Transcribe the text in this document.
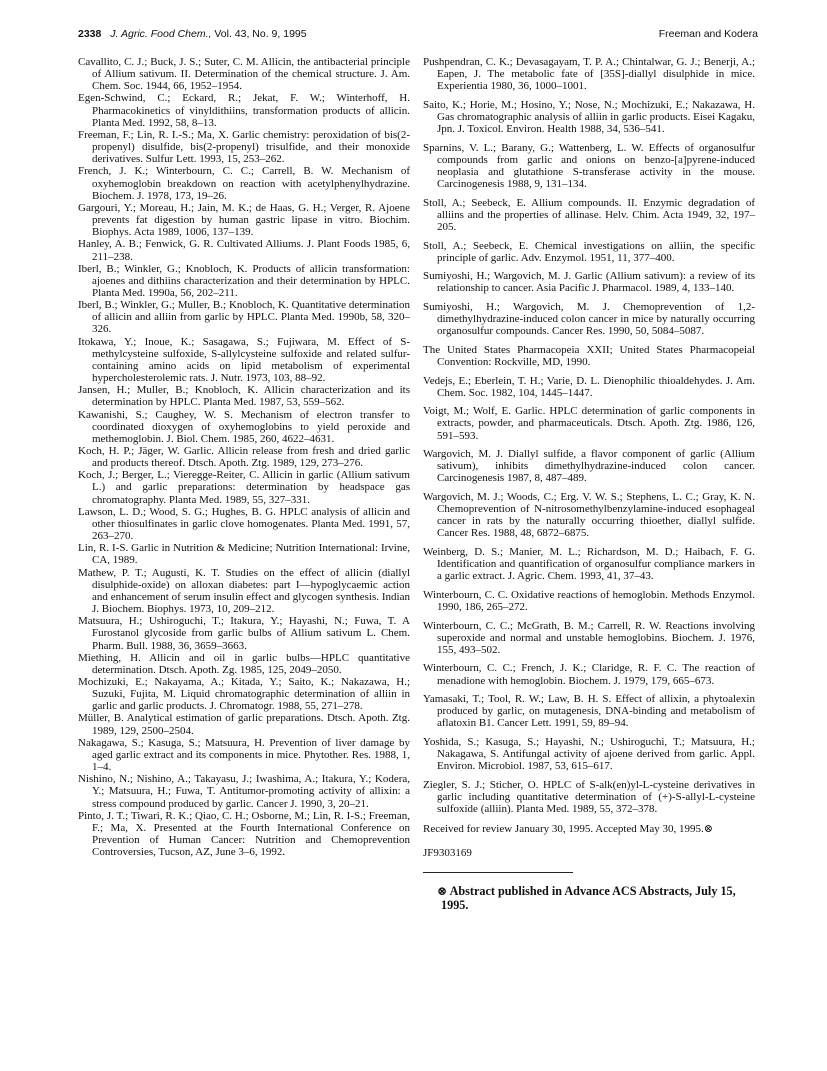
2338 J. Agric. Food Chem., Vol. 43, No. 9, 1995	Freeman and Kodera

Cavallito, C. J.; Buck, J. S.; Suter, C. M. Allicin, the antibacterial principle of Allium sativum. II. Determination of the chemical structure. J. Am. Chem. Soc. 1944, 66, 1952–1954.

Egen-Schwind, C.; Eckard, R.; Jekat, F. W.; Winterhoff, H. Pharmacokinetics of vinyldithiins, transformation products of allicin. Planta Med. 1992, 58, 8–13.

Freeman, F.; Lin, R. I.-S.; Ma, X. Garlic chemistry: peroxidation of bis(2-propenyl) disulfide, bis(2-propenyl) trisulfide, and their monoxide derivatives. Sulfur Lett. 1993, 15, 253–262.

French, J. K.; Winterbourn, C. C.; Carrell, B. W. Mechanism of oxyhemoglobin breakdown on reaction with acetylphenylhydrazine. Biochem. J. 1978, 173, 19–26.

Gargouri, Y.; Moreau, H.; Jain, M. K.; de Haas, G. H.; Verger, R. Ajoene prevents fat digestion by human gastric lipase in vitro. Biochim. Biophys. Acta 1989, 1006, 137–139.

Hanley, A. B.; Fenwick, G. R. Cultivated Alliums. J. Plant Foods 1985, 6, 211–238.

Iberl, B.; Winkler, G.; Knobloch, K. Products of allicin transformation: ajoenes and dithiins characterization and their determination by HPLC. Planta Med. 1990a, 56, 202–211.

Iberl, B.; Winkler, G.; Muller, B.; Knobloch, K. Quantitative determination of allicin and alliin from garlic by HPLC. Planta Med. 1990b, 58, 320–326.

Itokawa, Y.; Inoue, K.; Sasagawa, S.; Fujiwara, M. Effect of S-methylcysteine sulfoxide, S-allylcysteine sulfoxide and related sulfur-containing amino acids on lipid metabolism of experimental hypercholesterolemic rats. J. Nutr. 1973, 103, 88–92.

Jansen, H.; Muller, B.; Knobloch, K. Allicin characterization and its determination by HPLC. Planta Med. 1987, 53, 559–562.

Kawanishi, S.; Caughey, W. S. Mechanism of electron transfer to coordinated dioxygen of oxyhemoglobins to yield peroxide and methemoglobin. J. Biol. Chem. 1985, 260, 4622–4631.

Koch, H. P.; Jäger, W. Garlic. Allicin release from fresh and dried garlic and products thereof. Dtsch. Apoth. Ztg. 1989, 129, 273–276.

Koch, J.; Berger, L.; Vieregge-Reiter, C. Allicin in garlic (Allium sativum L.) and garlic preparations: determination by headspace gas chromatography. Planta Med. 1989, 55, 327–331.

Lawson, L. D.; Wood, S. G.; Hughes, B. G. HPLC analysis of allicin and other thiosulfinates in garlic clove homogenates. Planta Med. 1991, 57, 263–270.

Lin, R. I-S. Garlic in Nutrition & Medicine; Nutrition International: Irvine, CA, 1989.

Mathew, P. T.; Augusti, K. T. Studies on the effect of allicin (diallyl disulphide-oxide) on alloxan diabetes: part I—hypoglycaemic action and enhancement of serum insulin effect and glycogen synthesis. Indian J. Biochem. Biophys. 1973, 10, 209–212.

Matsuura, H.; Ushiroguchi, T.; Itakura, Y.; Hayashi, N.; Fuwa, T. A Furostanol glycoside from garlic bulbs of Allium sativum L. Chem. Pharm. Bull. 1988, 36, 3659–3663.

Miething, H. Allicin and oil in garlic bulbs—HPLC quantitative determination. Dtsch. Apoth. Zg. 1985, 125, 2049–2050.

Mochizuki, E.; Nakayama, A.; Kitada, Y.; Saito, K.; Nakazawa, H.; Suzuki, Fujita, M. Liquid chromatographic determination of alliin in garlic and garlic products. J. Chromatogr. 1988, 55, 271–278.

Müller, B. Analytical estimation of garlic preparations. Dtsch. Apoth. Ztg. 1989, 129, 2500–2504.

Nakagawa, S.; Kasuga, S.; Matsuura, H. Prevention of liver damage by aged garlic extract and its components in mice. Phytother. Res. 1988, 1, 1–4.

Nishino, N.; Nishino, A.; Takayasu, J.; Iwashima, A.; Itakura, Y.; Kodera, Y.; Matsuura, H.; Fuwa, T. Antitumor-promoting activity of allixin: a stress compound produced by garlic. Cancer J. 1990, 3, 20–21.

Pinto, J. T.; Tiwari, R. K.; Qiao, C. H.; Osborne, M.; Lin, R. I-S.; Freeman, F.; Ma, X. Presented at the Fourth International Conference on Prevention of Human Cancer: Nutrition and Chemoprevention Controversies, Tucson, AZ, June 3–6, 1992.

Pushpendran, C. K.; Devasagayam, T. P. A.; Chintalwar, G. J.; Benerji, A.; Eapen, J. The metabolic fate of [35S]-diallyl disulphide in mice. Experientia 1980, 36, 1000–1001.

Saito, K.; Horie, M.; Hosino, Y.; Nose, N.; Mochizuki, E.; Nakazawa, H. Gas chromatographic analysis of alliin in garlic products. Eisei Kagaku, Jpn. J. Toxicol. Environ. Health 1988, 34, 536–541.

Sparnins, V. L.; Barany, G.; Wattenberg, L. W. Effects of organosulfur compounds from garlic and onions on benzo-[a]pyrene-induced neoplasia and glutathione S-transferase activity in the mouse. Carcinogenesis 1988, 9, 131–134.

Stoll, A.; Seebeck, E. Allium compounds. II. Enzymic degradation of alliins and the properties of allinase. Helv. Chim. Acta 1949, 32, 197–205.

Stoll, A.; Seebeck, E. Chemical investigations on alliin, the specific principle of garlic. Adv. Enzymol. 1951, 11, 377–400.

Sumiyoshi, H.; Wargovich, M. J. Garlic (Allium sativum): a review of its relationship to cancer. Asia Pacific J. Pharmacol. 1989, 4, 133–140.

Sumiyoshi, H.; Wargovich, M. J. Chemoprevention of 1,2-dimethylhydrazine-induced colon cancer in mice by naturally occurring organosulfur compounds. Cancer Res. 1990, 50, 5084–5087.

The United States Pharmacopeia XXII; United States Pharmacopeial Convention: Rockville, MD, 1990.

Vedejs, E.; Eberlein, T. H.; Varie, D. L. Dienophilic thioaldehydes. J. Am. Chem. Soc. 1982, 104, 1445–1447.

Voigt, M.; Wolf, E. Garlic. HPLC determination of garlic components in extracts, powder, and pharmaceuticals. Dtsch. Apoth. Ztg. 1986, 126, 591–593.

Wargovich, M. J. Diallyl sulfide, a flavor component of garlic (Allium sativum), inhibits dimethylhydrazine-induced colon cancer. Carcinogenesis 1987, 8, 487–489.

Wargovich, M. J.; Woods, C.; Erg. V. W. S.; Stephens, L. C.; Gray, K. N. Chemoprevention of N-nitrosomethylbenzylamine-induced esophageal cancer in rats by the naturally occurring thioether, diallyl sulfide. Cancer Res. 1988, 48, 6872–6875.

Weinberg, D. S.; Manier, M. L.; Richardson, M. D.; Haibach, F. G. Identification and quantification of organosulfur compliance markers in a garlic extract. J. Agric. Chem. 1993, 41, 37–43.

Winterbourn, C. C. Oxidative reactions of hemoglobin. Methods Enzymol. 1990, 186, 265–272.

Winterbourn, C. C.; McGrath, B. M.; Carrell, R. W. Reactions involving superoxide and normal and unstable hemoglobins. Biochem. J. 1976, 155, 493–502.

Winterbourn, C. C.; French, J. K.; Claridge, R. F. C. The reaction of menadione with hemoglobin. Biochem. J. 1979, 179, 665–673.

Yamasaki, T.; Tool, R. W.; Law, B. H. S. Effect of allixin, a phytoalexin produced by garlic, on mutagenesis, DNA-binding and metabolism of aflatoxin B1. Cancer Lett. 1991, 59, 89–94.

Yoshida, S.; Kasuga, S.; Hayashi, N.; Ushiroguchi, T.; Matsuura, H.; Nakagawa, S. Antifungal activity of ajoene derived from garlic. Appl. Environ. Microbiol. 1987, 53, 615–617.

Ziegler, S. J.; Sticher, O. HPLC of S-alk(en)yl-L-cysteine derivatives in garlic including quantitative determination of (+)-S-allyl-L-cysteine sulfoxide (alliin). Planta Med. 1989, 55, 372–378.

Received for review January 30, 1995. Accepted May 30, 1995.⊗

JF9303169

⊗ Abstract published in Advance ACS Abstracts, July 15, 1995.
